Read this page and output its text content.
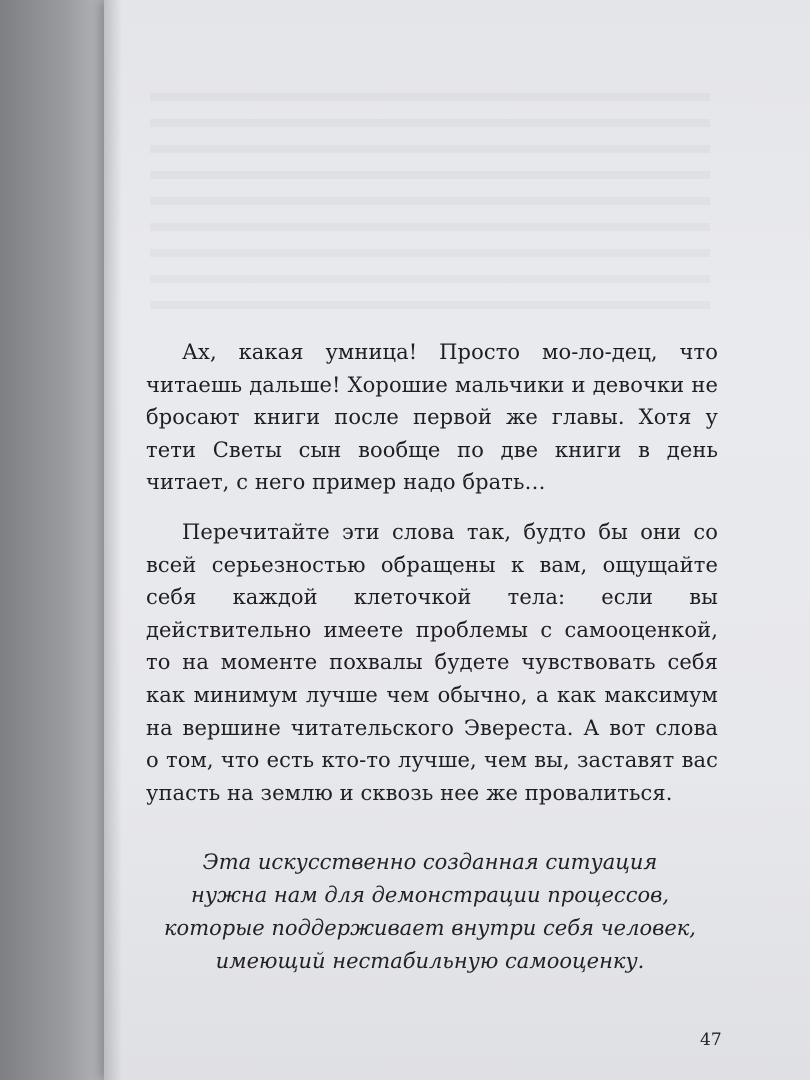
Ах, какая умница! Просто мо-ло-дец, что читаешь дальше! Хорошие мальчики и девочки не бросают книги после первой же главы. Хотя у тети Светы сын вообще по две книги в день читает, с него пример надо брать…

Перечитайте эти слова так, будто бы они со всей серьезностью обращены к вам, ощущайте себя каждой клеточкой тела: если вы действительно имеете проблемы с самооценкой, то на моменте похвалы будете чувствовать себя как минимум лучше чем обычно, а как максимум на вершине читательского Эвереста. А вот слова о том, что есть кто-то лучше, чем вы, заставят вас упасть на землю и сквозь нее же провалиться.

Эта искусственно созданная ситуация
нужна нам для демонстрации процессов,
которые поддерживает внутри себя человек,
имеющий нестабильную самооценку.
47
